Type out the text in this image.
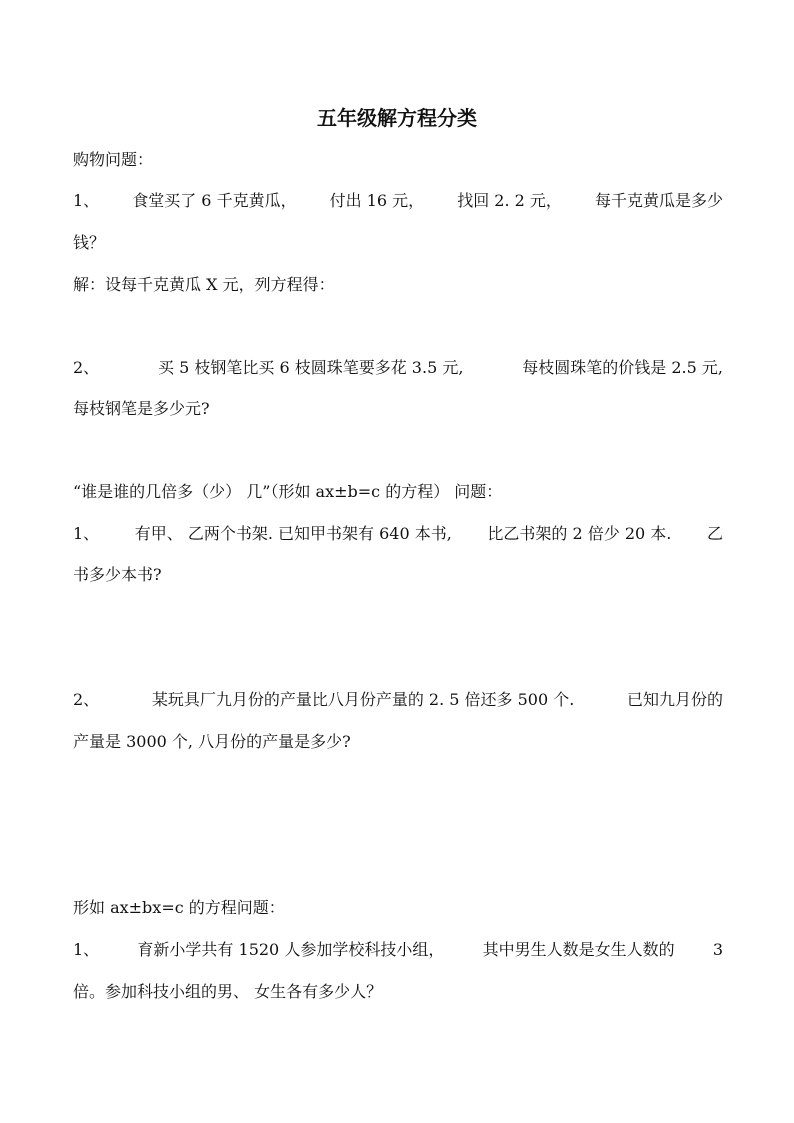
五年级解方程分类
购物问题：
1、 食堂买了 6 千克黄瓜， 付出 16 元， 找回 2. 2 元， 每千克黄瓜是多少
钱？
解：设每千克黄瓜 X 元，列方程得：
2、	买 5 枝钢笔比买 6 枝圆珠笔要多花 3.5 元,	每枝圆珠笔的价钱是 2.5 元,
每枝钢笔是多少元?
“谁是谁的几倍多（少） 几”（形如 ax±b=c 的方程） 问题：
1、 有甲、 乙两个书架. 已知甲书架有 640 本书, 比乙书架的 2 倍少 20 本. 乙
书多少本书?
2、	某玩具厂九月份的产量比八月份产量的 2. 5 倍还多 500 个.	已知九月份的
产量是 3000 个, 八月份的产量是多少?
形如 ax±bx=c 的方程问题：
1、 育新小学共有 1520 人参加学校科技小组， 其中男生人数是女生人数的 3
倍。参加科技小组的男、 女生各有多少人？
